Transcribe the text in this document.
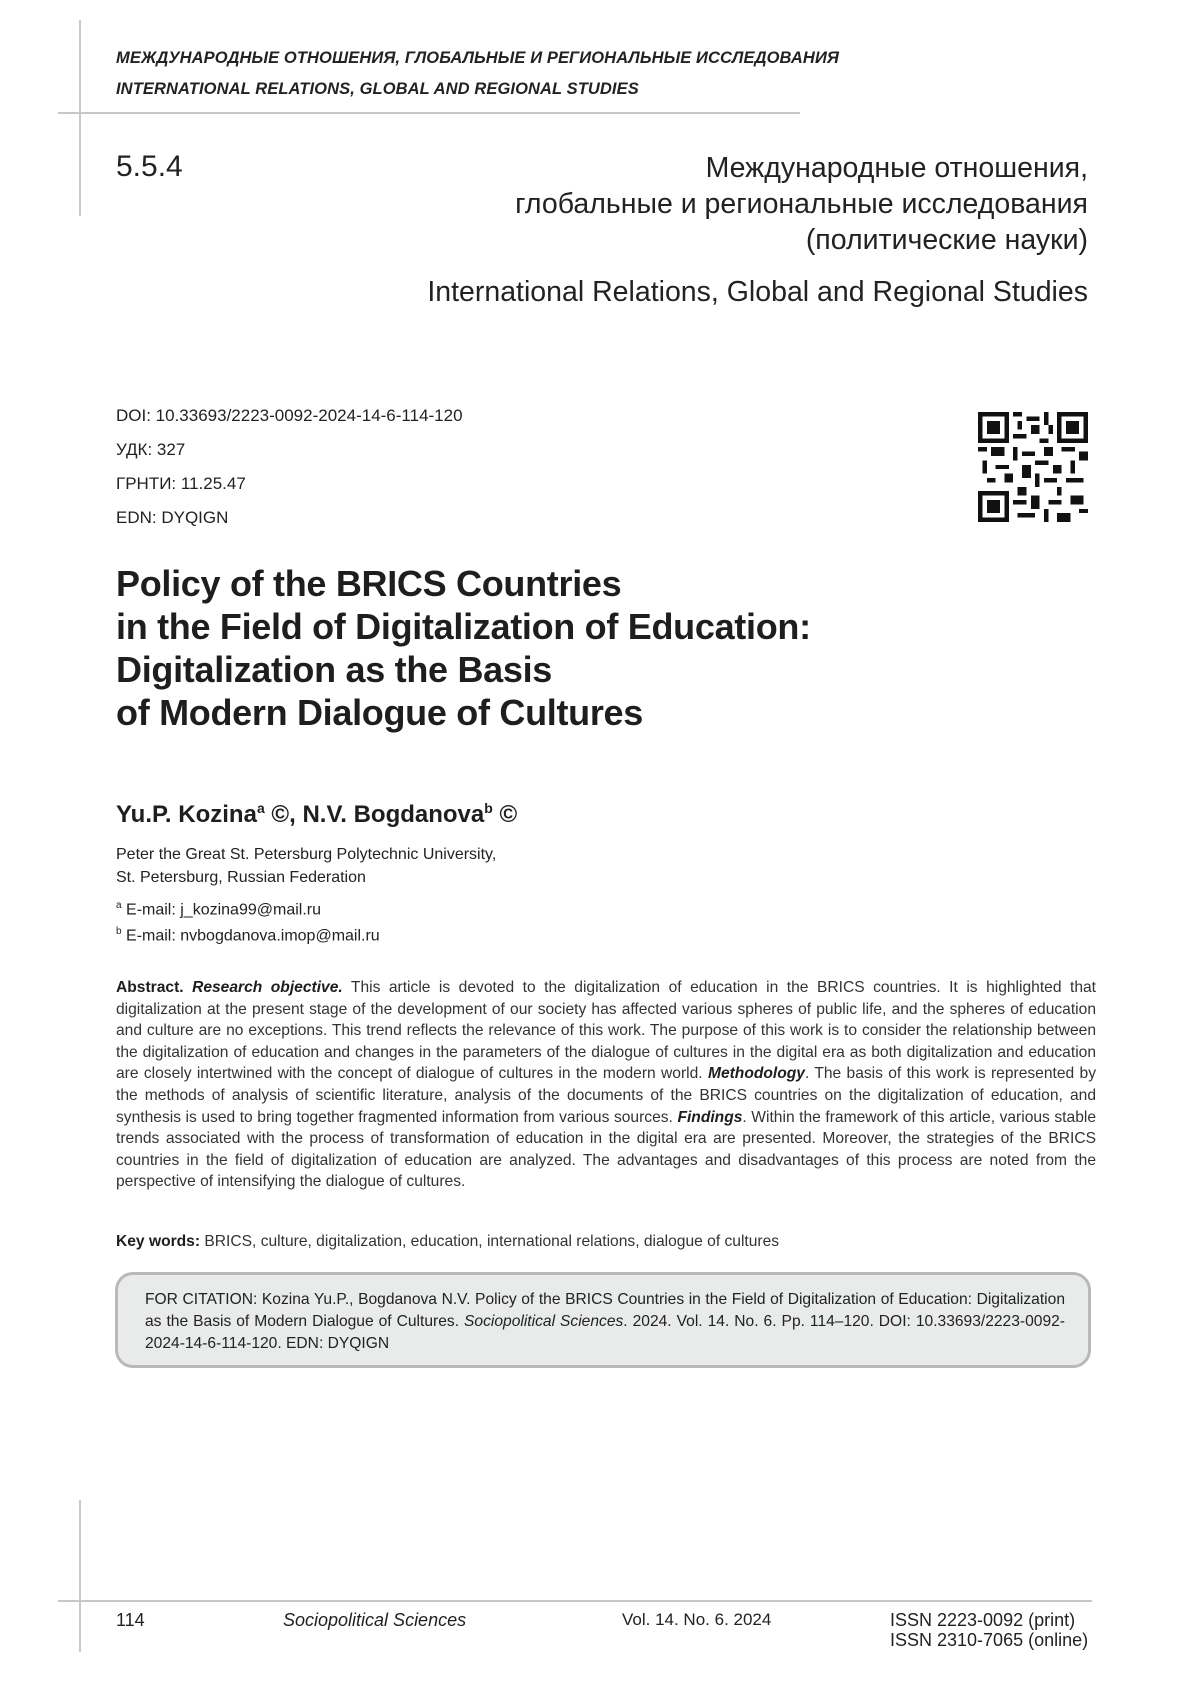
МЕЖДУНАРОДНЫЕ ОТНОШЕНИЯ, ГЛОБАЛЬНЫЕ И РЕГИОНАЛЬНЫЕ ИССЛЕДОВАНИЯ
INTERNATIONAL RELATIONS, GLOBAL AND REGIONAL STUDIES
5.5.4	Международные отношения,
глобальные и региональные исследования
(политические науки)
International Relations, Global and Regional Studies
DOI: 10.33693/2223-0092-2024-14-6-114-120
УДК: 327
ГРНТИ: 11.25.47
EDN: DYQIGN
Policy of the BRICS Countries
in the Field of Digitalization of Education:
Digitalization as the Basis
of Modern Dialogue of Cultures
Yu.P. Kozina$^a$ ©, N.V. Bogdanova$^b$ ©
Peter the Great St. Petersburg Polytechnic University,
St. Petersburg, Russian Federation
$^a$ E-mail: j_kozina99@mail.ru
$^b$ E-mail: nvbogdanova.imop@mail.ru
Abstract. Research objective. This article is devoted to the digitalization of education in the BRICS countries. It is highlighted that digitalization at the present stage of the development of our society has affected various spheres of public life, and the spheres of education and culture are no exceptions. This trend reflects the relevance of this work. The purpose of this work is to consider the relationship between the digitalization of education and changes in the parameters of the dialogue of cultures in the digital era as both digitalization and education are closely intertwined with the concept of dialogue of cultures in the modern world. Methodology. The basis of this work is represented by the methods of analysis of scientific literature, analysis of the documents of the BRICS countries on the digitalization of education, and synthesis is used to bring together fragmented information from various sources. Findings. Within the framework of this article, various stable trends associated with the process of transformation of education in the digital era are presented. Moreover, the strategies of the BRICS countries in the field of digitalization of education are analyzed. The advantages and disadvantages of this process are noted from the perspective of intensifying the dialogue of cultures.
Key words: BRICS, culture, digitalization, education, international relations, dialogue of cultures
FOR CITATION: Kozina Yu.P., Bogdanova N.V. Policy of the BRICS Countries in the Field of Digitalization of Education: Digitalization as the Basis of Modern Dialogue of Cultures. Sociopolitical Sciences. 2024. Vol. 14. No. 6. Pp. 114–120. DOI: 10.33693/2223-0092-2024-14-6-114-120. EDN: DYQIGN
114	Sociopolitical Sciences	Vol. 14. No. 6. 2024	ISSN 2223-0092 (print)
ISSN 2310-7065 (online)
